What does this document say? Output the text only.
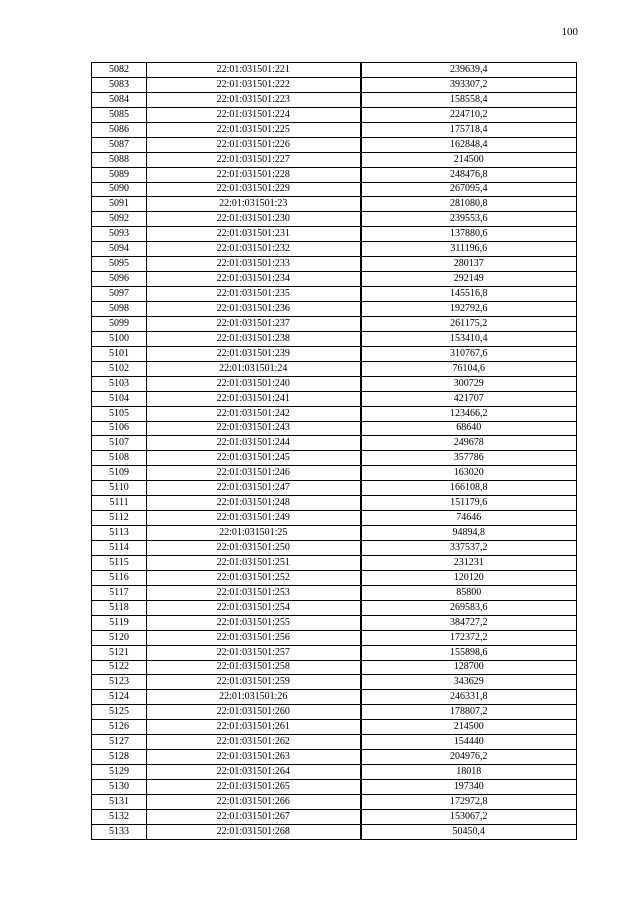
100
5082	22:01:031501:221	239639,4
5083	22:01:031501:222	393307,2
5084	22:01:031501:223	158558,4
5085	22:01:031501:224	224710,2
5086	22:01:031501:225	175718,4
5087	22:01:031501:226	162848,4
5088	22:01:031501:227	214500
5089	22:01:031501:228	248476,8
5090	22:01:031501:229	267095,4
5091	22:01:031501:23	281080,8
5092	22:01:031501:230	239553,6
5093	22:01:031501:231	137880,6
5094	22:01:031501:232	311196,6
5095	22:01:031501:233	280137
5096	22:01:031501:234	292149
5097	22:01:031501:235	145516,8
5098	22:01:031501:236	192792,6
5099	22:01:031501:237	261175,2
5100	22:01:031501:238	153410,4
5101	22:01:031501:239	310767,6
5102	22:01:031501:24	76104,6
5103	22:01:031501:240	300729
5104	22:01:031501:241	421707
5105	22:01:031501:242	123466,2
5106	22:01:031501:243	68640
5107	22:01:031501:244	249678
5108	22:01:031501:245	357786
5109	22:01:031501:246	163020
5110	22:01:031501:247	166108,8
5111	22:01:031501:248	151179,6
5112	22:01:031501:249	74646
5113	22:01:031501:25	94894,8
5114	22:01:031501:250	337537,2
5115	22:01:031501:251	231231
5116	22:01:031501:252	120120
5117	22:01:031501:253	85800
5118	22:01:031501:254	269583,6
5119	22:01:031501:255	384727,2
5120	22:01:031501:256	172372,2
5121	22:01:031501:257	155898,6
5122	22:01:031501:258	128700
5123	22:01:031501:259	343629
5124	22:01:031501:26	246331,8
5125	22:01:031501:260	178807,2
5126	22:01:031501:261	214500
5127	22:01:031501:262	154440
5128	22:01:031501:263	204976,2
5129	22:01:031501:264	18018
5130	22:01:031501:265	197340
5131	22:01:031501:266	172972,8
5132	22:01:031501:267	153067,2
5133	22:01:031501:268	50450,4
